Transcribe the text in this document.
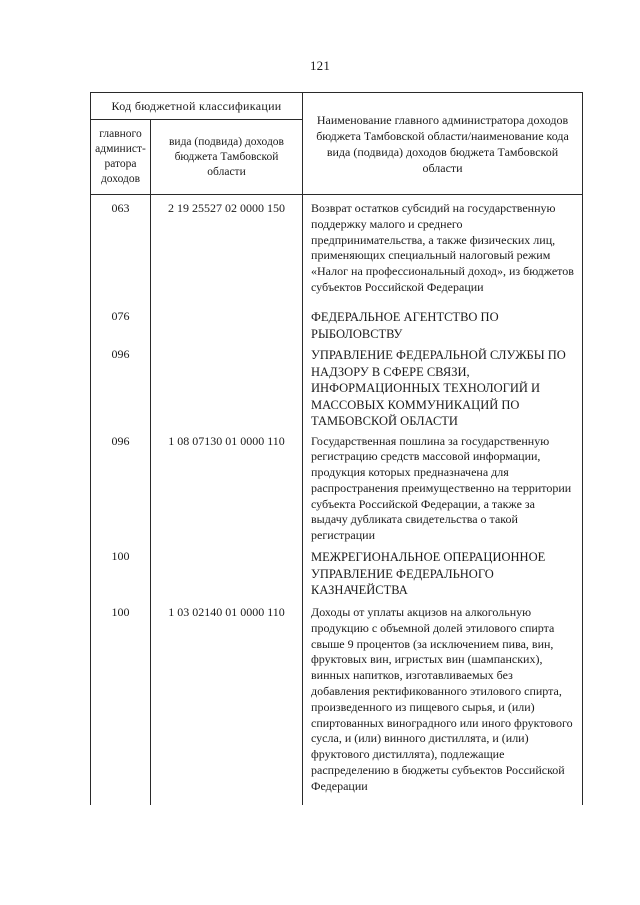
121
Код бюджетной классификации		Наименование главного администратора доходов бюджета Тамбовской области/наименование кода вида (подвида) доходов бюджета Тамбовской области
главного админист-ратора доходов	вида (подвида) доходов бюджета Тамбовской области	
063	2 19 25527 02 0000 150	Возврат остатков субсидий на государственную поддержку малого и среднего предпринимательства, а также физических лиц, применяющих специальный налоговый режим «Налог на профессиональный доход», из бюджетов субъектов Российской Федерации
076		ФЕДЕРАЛЬНОЕ АГЕНТСТВО ПО РЫБОЛОВСТВУ
096		УПРАВЛЕНИЕ ФЕДЕРАЛЬНОЙ СЛУЖБЫ ПО НАДЗОРУ В СФЕРЕ СВЯЗИ, ИНФОРМАЦИОННЫХ ТЕХНОЛОГИЙ И МАССОВЫХ КОММУНИКАЦИЙ ПО ТАМБОВСКОЙ ОБЛАСТИ
096	1 08 07130 01 0000 110	Государственная пошлина за государственную регистрацию средств массовой информации, продукция которых предназначена для распространения преимущественно на территории субъекта Российской Федерации, а также за выдачу дубликата свидетельства о такой регистрации
100		МЕЖРЕГИОНАЛЬНОЕ ОПЕРАЦИОННОЕ УПРАВЛЕНИЕ ФЕДЕРАЛЬНОГО КАЗНАЧЕЙСТВА
100	1 03 02140 01 0000 110	Доходы от уплаты акцизов на алкогольную продукцию с объемной долей этилового спирта свыше 9 процентов (за исключением пива, вин, фруктовых вин, игристых вин (шампанских), винных напитков, изготавливаемых без добавления ректификованного этилового спирта, произведенного из пищевого сырья, и (или) спиртованных виноградного или иного фруктового сусла, и (или) винного дистиллята, и (или) фруктового дистиллята), подлежащие распределению в бюджеты субъектов Российской Федерации
